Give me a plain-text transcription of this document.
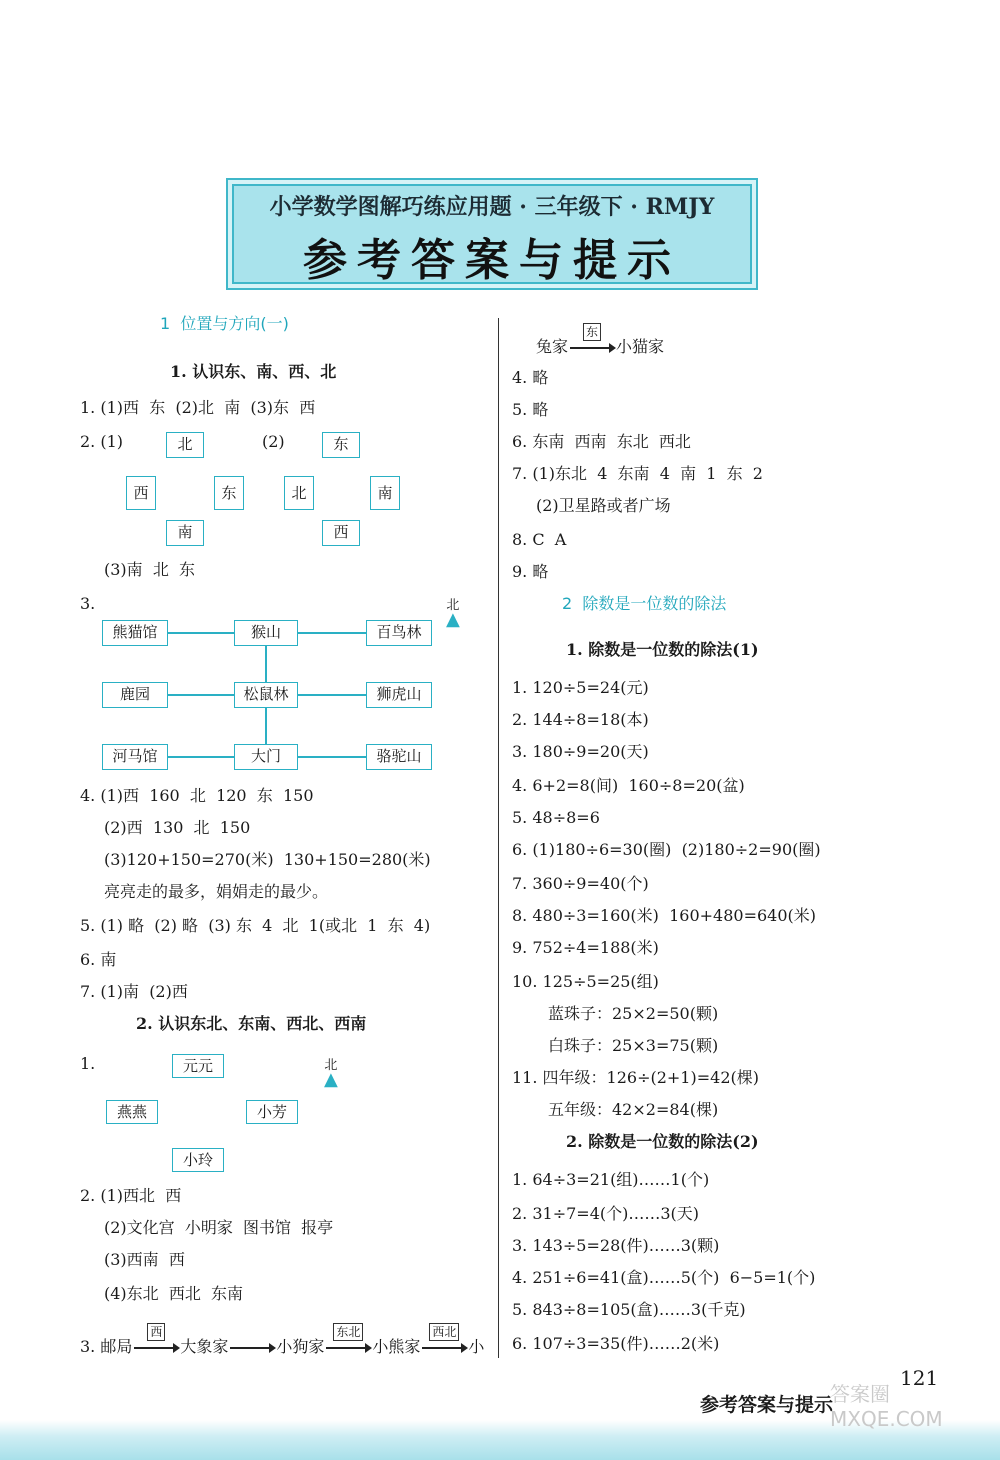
小学数学图解巧练应用题 · 三年级下 · RMJY
参考答案与提示
1  位置与方向(一)
1. 认识东、南、西、北
1. (1)西  东  (2)北  南  (3)东  西
2. (1)	(2)
北
西	东
南
东
北	南
西
(3)南  北  东
3.	北
▲
熊猫馆	猴山	百鸟林
鹿园	松鼠林	狮虎山
河马馆	大门	骆驼山
4. (1)西  160  北  120  东  150
(2)西  130  北  150
(3)120+150=270(米)  130+150=280(米)
亮亮走的最多，娟娟走的最少。
5. (1) 略  (2) 略  (3) 东  4  北  1(或北  1  东  4)
6. 南
7. (1)南  (2)西
2. 认识东北、东南、西北、西南
1.	北
▲
元元
燕燕	小芳
小玲
2. (1)西北  西
(2)文化宫  小明家  图书馆  报亭
(3)西南  西
(4)东北  西北  东南
3. 邮局
西
大象家	小狗家
东北
小熊家
西北
小
兔家
东
小猫家
4. 略
5. 略
6. 东南  西南  东北  西北
7. (1)东北  4  东南  4  南  1  东  2
(2)卫星路或者广场
8. C  A
9. 略
2  除数是一位数的除法
1. 除数是一位数的除法(1)
1. 120÷5=24(元)
2. 144÷8=18(本)
3. 180÷9=20(天)
4. 6+2=8(间)  160÷8=20(盆)
5. 48÷8=6
6. (1)180÷6=30(圈)  (2)180÷2=90(圈)
7. 360÷9=40(个)
8. 480÷3=160(米)  160+480=640(米)
9. 752÷4=188(米)
10. 125÷5=25(组)
蓝珠子：25×2=50(颗)
白珠子：25×3=75(颗)
11. 四年级：126÷(2+1)=42(棵)
五年级：42×2=84(棵)
2. 除数是一位数的除法(2)
1. 64÷3=21(组)……1(个)
2. 31÷7=4(个)……3(天)
3. 143÷5=28(件)……3(颗)
4. 251÷6=41(盒)……5(个)  6−5=1(个)
5. 843÷8=105(盒)……3(千克)
6. 107÷3=35(件)……2(米)
121
参考答案与提示
答案圈 MXQE.COM
